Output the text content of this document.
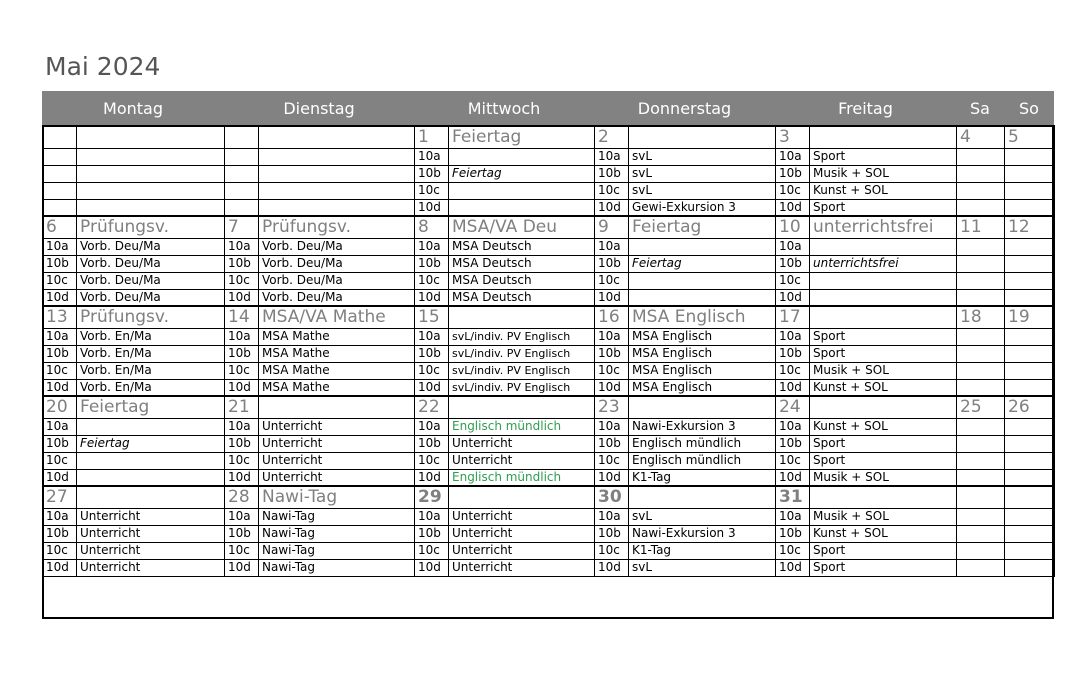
Mai 2024
Montag	Dienstag	Mittwoch	Donnerstag	Freitag	Sa	So
				1	Feiertag	2		3		4	5
				10a		10a	svL	10a	Sport		
				10b	Feiertag	10b	svL	10b	Musik + SOL		
				10c		10c	svL	10c	Kunst + SOL		
				10d		10d	Gewi-Exkursion 3	10d	Sport		
6	Prüfungsv.	7	Prüfungsv.	8	MSA/VA Deu	9	Feiertag	10	unterrichtsfrei	11	12
10a	Vorb. Deu/Ma	10a	Vorb. Deu/Ma	10a	MSA Deutsch	10a		10a			
10b	Vorb. Deu/Ma	10b	Vorb. Deu/Ma	10b	MSA Deutsch	10b	Feiertag	10b	unterrichtsfrei		
10c	Vorb. Deu/Ma	10c	Vorb. Deu/Ma	10c	MSA Deutsch	10c		10c			
10d	Vorb. Deu/Ma	10d	Vorb. Deu/Ma	10d	MSA Deutsch	10d		10d			
13	Prüfungsv.	14	MSA/VA Mathe	15		16	MSA Englisch	17		18	19
10a	Vorb. En/Ma	10a	MSA Mathe	10a	svL/indiv. PV Englisch	10a	MSA Englisch	10a	Sport		
10b	Vorb. En/Ma	10b	MSA Mathe	10b	svL/indiv. PV Englisch	10b	MSA Englisch	10b	Sport		
10c	Vorb. En/Ma	10c	MSA Mathe	10c	svL/indiv. PV Englisch	10c	MSA Englisch	10c	Musik + SOL		
10d	Vorb. En/Ma	10d	MSA Mathe	10d	svL/indiv. PV Englisch	10d	MSA Englisch	10d	Kunst + SOL		
20	Feiertag	21		22		23		24		25	26
10a		10a	Unterricht	10a	Englisch mündlich	10a	Nawi-Exkursion 3	10a	Kunst + SOL		
10b	Feiertag	10b	Unterricht	10b	Unterricht	10b	Englisch mündlich	10b	Sport		
10c		10c	Unterricht	10c	Unterricht	10c	Englisch mündlich	10c	Sport		
10d		10d	Unterricht	10d	Englisch mündlich	10d	K1-Tag	10d	Musik + SOL		
27		28	Nawi-Tag	29		30		31			
10a	Unterricht	10a	Nawi-Tag	10a	Unterricht	10a	svL	10a	Musik + SOL		
10b	Unterricht	10b	Nawi-Tag	10b	Unterricht	10b	Nawi-Exkursion 3	10b	Kunst + SOL		
10c	Unterricht	10c	Nawi-Tag	10c	Unterricht	10c	K1-Tag	10c	Sport		
10d	Unterricht	10d	Nawi-Tag	10d	Unterricht	10d	svL	10d	Sport		
